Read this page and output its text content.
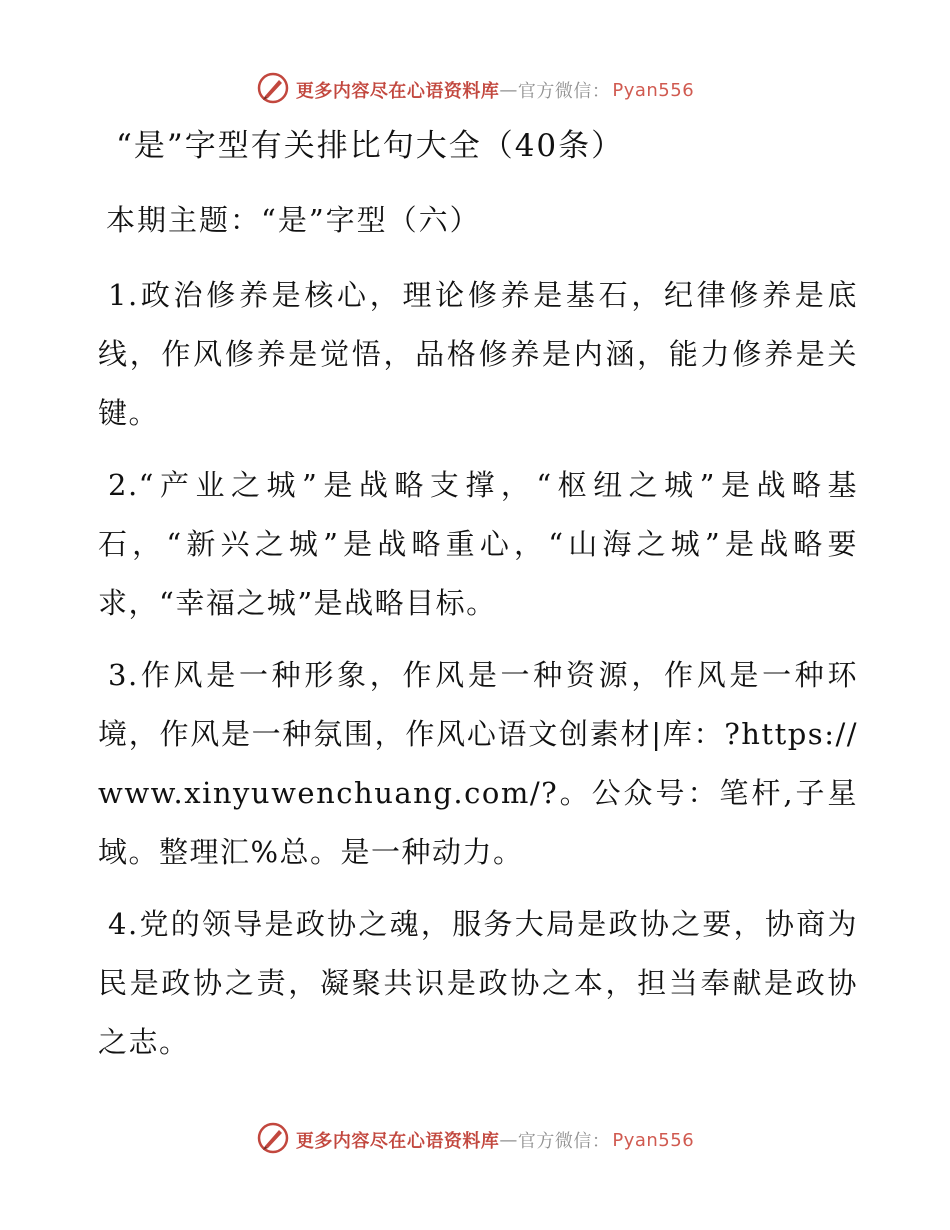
更多内容尽在心语资料库 — 官方微信： Pyan556
“是”字型有关排比句大全（40条）
本期主题：“是”字型（六）

1.政治修养是核心，理论修养是基石，纪律修养是底线，作风修养是觉悟，品格修养是内涵，能力修养是关键。

2.“产业之城”是战略支撑，“枢纽之城”是战略基石，“新兴之城”是战略重心，“山海之城”是战略要求，“幸福之城”是战略目标。

3.作风是一种形象，作风是一种资源，作风是一种环境，作风是一种氛围，作风心语文创素材|库：?https://www.xinyuwenchuang.com/?。公众号：笔杆,子星域。整理汇%总。是一种动力。

4.党的领导是政协之魂，服务大局是政协之要，协商为民是政协之责，凝聚共识是政协之本，担当奉献是政协之志。

更多内容尽在心语资料库 — 官方微信： Pyan556
